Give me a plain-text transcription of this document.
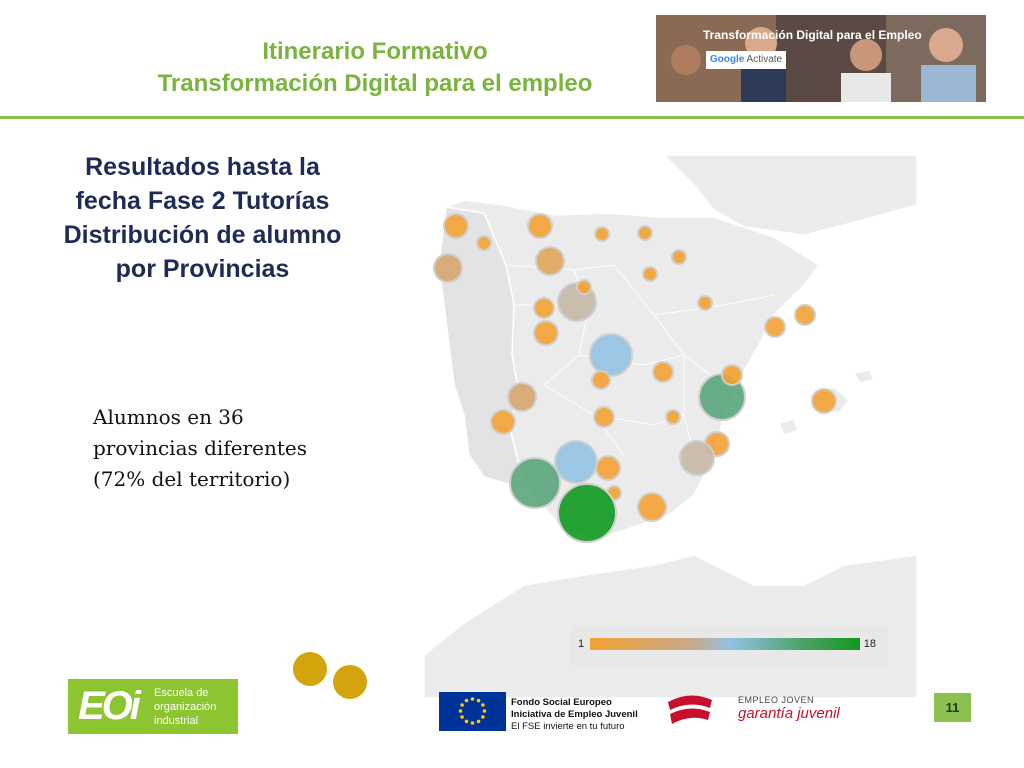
Itinerario Formativo
Transformación Digital para el empleo
Transformación Digital para el Empleo
Google Activate
Resultados hasta la
fecha Fase 2 Tutorías
Distribución de alumno
por Provincias

Alumnos en 36
provincias diferentes
(72% del territorio)

1	18
EOi Escuela de
organización
industrial
Fondo Social Europeo
Iniciativa de Empleo Juvenil
El FSE invierte en tu futuro
EMPLEO JOVEN
garantía juvenil	11
